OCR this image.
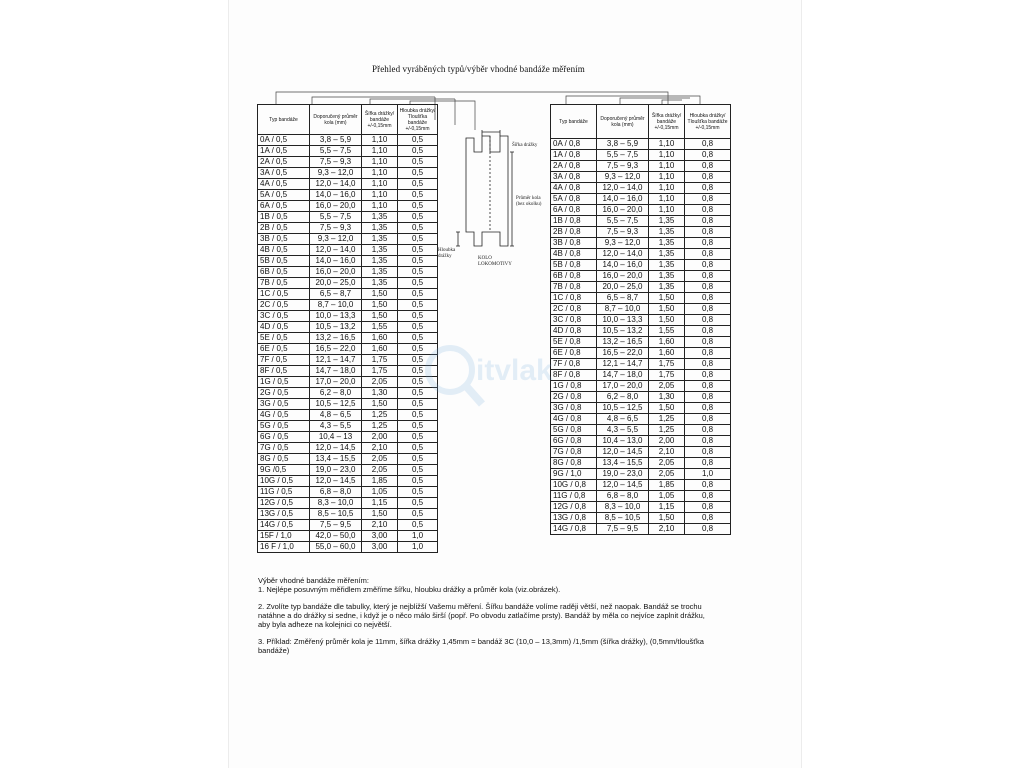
Přehled vyráběných typů/výběr vhodné bandáže měřením
Typ bandáže	Doporučený průměr kola (mm)	Šířka drážky/ bandáže +/-0,15mm	Hloubka drážky/ Tloušťka bandáže +/-0,15mm
0A / 0,5	3,8 – 5,9	1,10	0,5
1A / 0,5	5,5 – 7,5	1,10	0,5
2A / 0,5	7,5 – 9,3	1,10	0,5
3A / 0,5	9,3 – 12,0	1,10	0,5
4A / 0,5	12,0 – 14,0	1,10	0,5
5A / 0,5	14,0 – 16,0	1,10	0,5
6A / 0,5	16,0 – 20,0	1,10	0,5
1B / 0,5	5,5 – 7,5	1,35	0,5
2B / 0,5	7,5 – 9,3	1,35	0,5
3B / 0,5	9,3 – 12,0	1,35	0,5
4B / 0,5	12,0 – 14,0	1,35	0,5
5B / 0,5	14,0 – 16,0	1,35	0,5
6B / 0,5	16,0 – 20,0	1,35	0,5
7B / 0,5	20,0 – 25,0	1,35	0,5
1C / 0,5	6,5 – 8,7	1,50	0,5
2C / 0,5	8,7 – 10,0	1,50	0,5
3C / 0,5	10,0 – 13,3	1,50	0,5
4D / 0,5	10,5 – 13,2	1,55	0,5
5E / 0,5	13,2 – 16,5	1,60	0,5
6E / 0,5	16,5 – 22,0	1,60	0,5
7F / 0,5	12,1 – 14,7	1,75	0,5
8F / 0,5	14,7 – 18,0	1,75	0,5
1G / 0,5	17,0 – 20,0	2,05	0,5
2G / 0,5	6,2 – 8,0	1,30	0,5
3G / 0,5	10,5 – 12,5	1,50	0,5
4G / 0,5	4,8 – 6,5	1,25	0,5
5G / 0,5	4,3 – 5,5	1,25	0,5
6G / 0,5	10,4 – 13	2,00	0,5
7G / 0,5	12,0 – 14,5	2,10	0,5
8G / 0,5	13,4 – 15,5	2,05	0,5
9G /0,5	19,0 – 23,0	2,05	0,5
10G / 0,5	12,0 – 14,5	1,85	0,5
11G / 0,5	6,8 – 8,0	1,05	0,5
12G / 0,5	8,3 – 10,0	1,15	0,5
13G / 0,5	8,5 – 10,5	1,50	0,5
14G / 0,5	7,5 – 9,5	2,10	0,5
15F / 1,0	42,0 – 50,0	3,00	1,0
16 F / 1,0	55,0 – 60,0	3,00	1,0
Typ bandáže	Doporučený průměr kola (mm)	Šířka drážky/ bandáže +/-0,15mm	Hloubka drážky/ Tloušťka bandáže +/-0,15mm
0A / 0,8	3,8 – 5,9	1,10	0,8
1A / 0,8	5,5 – 7,5	1,10	0,8
2A / 0,8	7,5 – 9,3	1,10	0,8
3A / 0,8	9,3 – 12,0	1,10	0,8
4A / 0,8	12,0 – 14,0	1,10	0,8
5A / 0,8	14,0 – 16,0	1,10	0,8
6A / 0,8	16,0 – 20,0	1,10	0,8
1B / 0,8	5,5 – 7,5	1,35	0,8
2B / 0,8	7,5 – 9,3	1,35	0,8
3B / 0,8	9,3 – 12,0	1,35	0,8
4B / 0,8	12,0 – 14,0	1,35	0,8
5B / 0,8	14,0 – 16,0	1,35	0,8
6B / 0,8	16,0 – 20,0	1,35	0,8
7B / 0,8	20,0 – 25,0	1,35	0,8
1C / 0,8	6,5 – 8,7	1,50	0,8
2C / 0,8	8,7 – 10,0	1,50	0,8
3C / 0,8	10,0 – 13,3	1,50	0,8
4D / 0,8	10,5 – 13,2	1,55	0,8
5E / 0,8	13,2 – 16,5	1,60	0,8
6E / 0,8	16,5 – 22,0	1,60	0,8
7F / 0,8	12,1 – 14,7	1,75	0,8
8F / 0,8	14,7 – 18,0	1,75	0,8
1G / 0,8	17,0 – 20,0	2,05	0,8
2G / 0,8	6,2 – 8,0	1,30	0,8
3G / 0,8	10,5 – 12,5	1,50	0,8
4G / 0,8	4,8 – 6,5	1,25	0,8
5G / 0,8	4,3 – 5,5	1,25	0,8
6G / 0,8	10,4 – 13,0	2,00	0,8
7G / 0,8	12,0 – 14,5	2,10	0,8
8G / 0,8	13,4 – 15,5	2,05	0,8
9G / 1,0	19,0 – 23,0	2,05	1,0
10G / 0,8	12,0 – 14,5	1,85	0,8
11G / 0,8	6,8 – 8,0	1,05	0,8
12G / 0,8	8,3 – 10,0	1,15	0,8
13G / 0,8	8,5 – 10,5	1,50	0,8
14G / 0,8	7,5 – 9,5	2,10	0,8
Šířka drážky
Průměr kola (bez okolku)
Hloubka drážky	KOLO LOKOMOTIVY
itvlak

Výběr vhodné bandáže měřením:

1. Nejlépe posuvným měřidlem změříme šířku, hloubku drážky a průměr kola (viz.obrázek).

2. Zvolíte typ bandáže dle tabulky, který je nejbližší Vašemu měření. Šířku bandáže volíme raději větší, než naopak. Bandáž se trochu natáhne a do drážky si sedne, i když je o něco málo širší (popř. Po obvodu zatlačíme prsty). Bandáž by měla co nejvíce zaplnit drážku, aby byla adheze na kolejnici co největší.

3. Příklad: Změřený průměr kola je 11mm, šířka drážky 1,45mm = bandáž 3C (10,0 – 13,3mm) /1,5mm (šířka drážky), (0,5mm/tloušťka bandáže)
